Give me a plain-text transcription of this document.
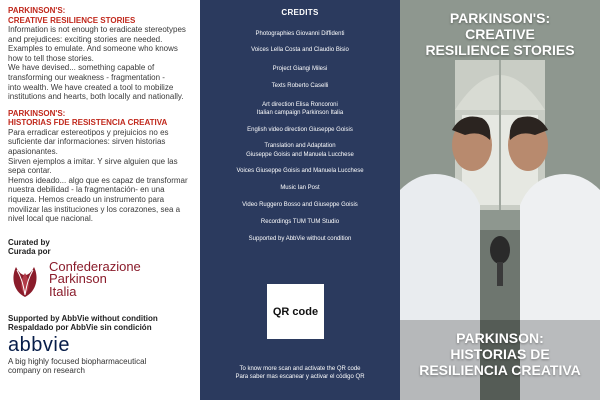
PARKINSON'S:
CREATIVE RESILIENCE STORIES
Information is not enough to eradicate stereotypes
and prejudices: exciting stories are needed.
Examples to emulate. And someone who knows
how to tell those stories.
We have devised... something capable of
transforming our weakness - fragmentation -
into wealth. We have created a tool to mobilize
institutions and hearts, both locally and nationally.
PARKINSON'S:
HISTORIAS FDE RESISTENCIA CREATIVA
Para erradicar estereotipos y prejuicios no es
suficiente dar informaciones: sirven historias
apasionantes.
Sirven ejemplos a imitar. Y sirve alguien que las
sepa contar.
Hemos ideado... algo que es capaz de transformar
nuestra debilidad - la fragmentación- en una
riqueza. Hemos creado un instrumento para
movilizar las instituciones y los corazones, sea a
nivel local que nacional.
Curated by
Curada por
Confederazione
Parkinson
Italia
Supported by AbbVie without condition
Respaldado por AbbVie sin condición
abbvie
A big highly focused biopharmaceutical
company on research
CREDITS
Photographies Giovanni Diffidenti
Voices Lella Costa and Claudio Bisio
Project Giangi Milesi
Texts Roberto Caselli
Art direction Elisa Roncoroni
Italian campaign Parkinson Italia
English video direction Giuseppe Goisis
Translation and Adaptation
Giuseppe Goisis and Manuela Lucchese
Voices Giuseppe Goisis and Manuela Lucchese
Music Ian Post
Video Ruggero Bosso and Giuseppe Goisis
Recordings TUM TUM Studio
Supported by AbbVie without condition
QR code
To know more scan and activate the QR code
Para saber mas escanear y activar el código QR
PARKINSON'S:
CREATIVE
RESILIENCE STORIES
PARKINSON:
HISTORIAS DE
RESILIENCIA CREATIVA
